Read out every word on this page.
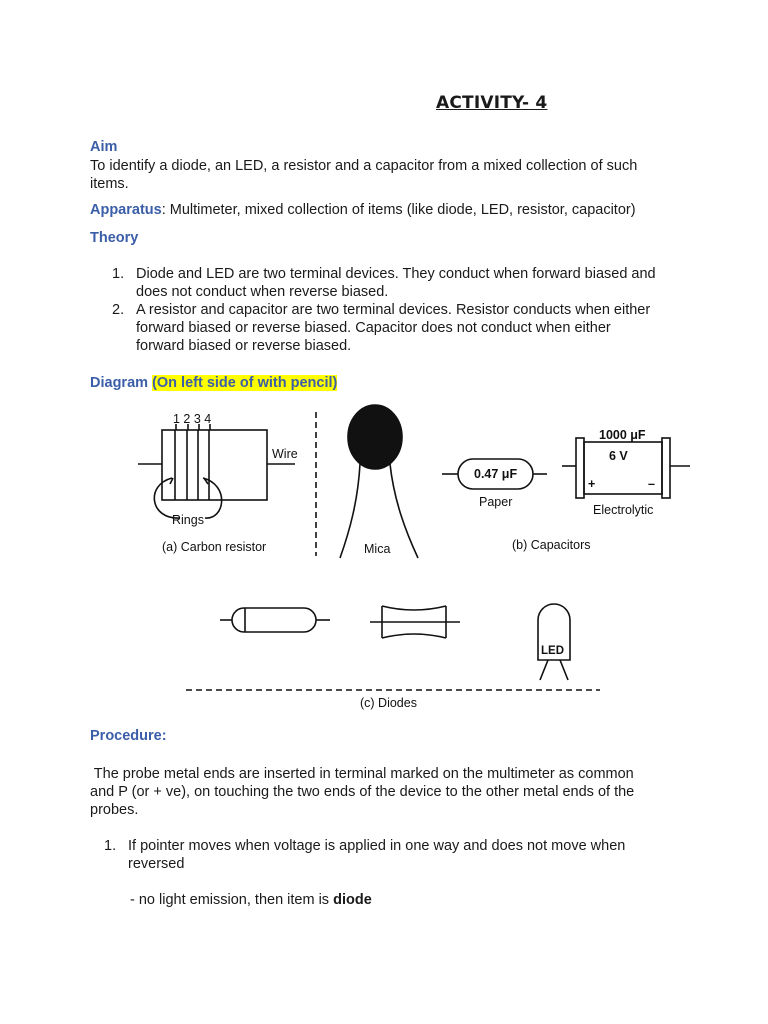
ACTIVITY- 4
Aim
To identify a diode, an LED, a resistor and a capacitor from a mixed collection of such
items.
Apparatus: Multimeter, mixed collection of items (like diode, LED, resistor, capacitor)
Theory
1. Diode and LED are two terminal devices. They conduct when forward biased and
does not conduct when reverse biased.
2. A resistor and capacitor are two terminal devices. Resistor conducts when either
forward biased or reverse biased. Capacitor does not conduct when either
forward biased or reverse biased.
Diagram (On left side of with pencil)
1 2 3 4
Wire
Rings
(a) Carbon resistor	Mica
0.47 μF
Paper
1000 μF
6 V
+	–
Electrolytic
(b) Capacitors
LED
(c) Diodes
Procedure:
The probe metal ends are inserted in terminal marked on the multimeter as common
and P (or + ve), on touching the two ends of the device to the other metal ends of the
probes.
1. If pointer moves when voltage is applied in one way and does not move when
reversed
- no light emission, then item is diode
